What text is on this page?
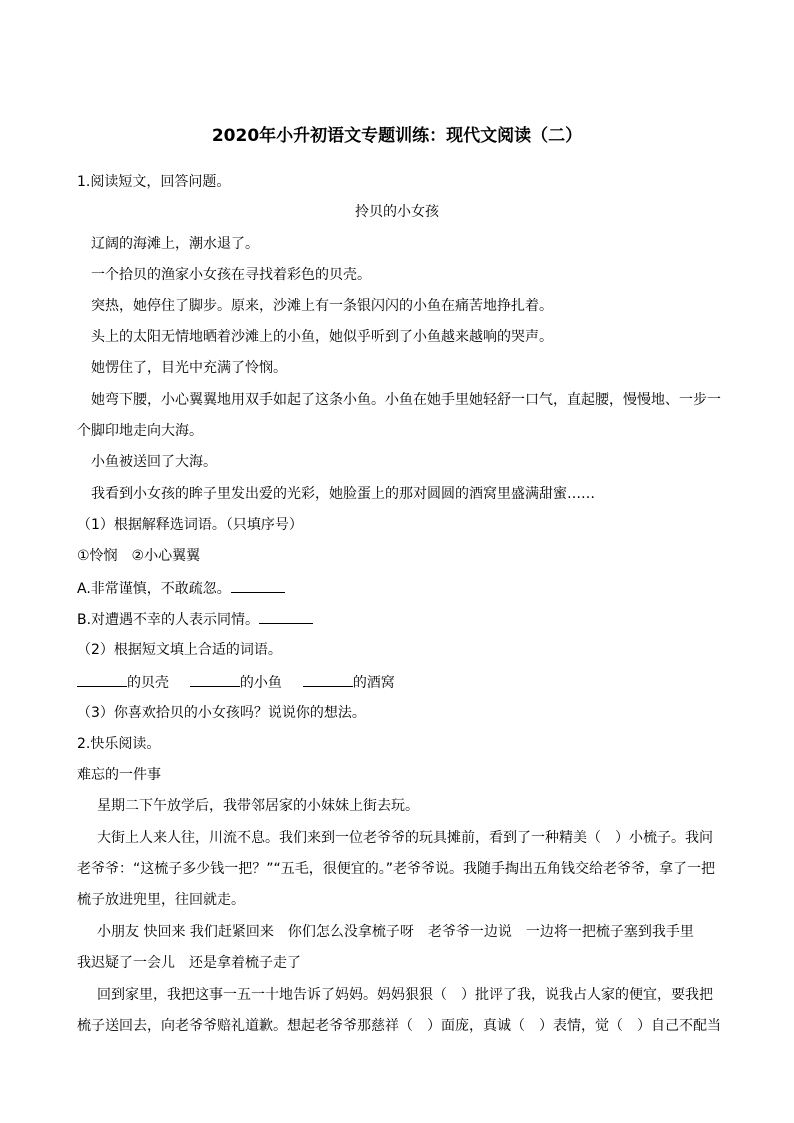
2020年小升初语文专题训练：现代文阅读（二）
1.阅读短文，回答问题。
拎贝的小女孩
辽阔的海滩上，潮水退了。
一个拾贝的渔家小女孩在寻找着彩色的贝壳。
突热，她停住了脚步。原来，沙滩上有一条银闪闪的小鱼在痛苦地挣扎着。
头上的太阳无情地晒着沙滩上的小鱼，她似乎听到了小鱼越来越响的哭声。
她愣住了，目光中充满了怜悯。
她弯下腰，小心翼翼地用双手如起了这条小鱼。小鱼在她手里她轻舒一口气，直起腰，慢慢地、一步一
个脚印地走向大海。
小鱼被送回了大海。
我看到小女孩的眸子里发出爱的光彩，她脸蛋上的那对圆圆的酒窝里盛满甜蜜……
（1）根据解释选词语。（只填序号）
①怜悯　②小心翼翼
A.非常谨慎，不敢疏忽。
B.对遭遇不幸的人表示同情。
（2）根据短文填上合适的词语。
的贝壳	的小鱼	的酒窝
（3）你喜欢拾贝的小女孩吗？说说你的想法。
2.快乐阅读。
难忘的一件事
星期二下午放学后，我带邻居家的小妹妹上街去玩。
大街上人来人往，川流不息。我们来到一位老爷爷的玩具摊前，看到了一种精美（　）小梳子。我问
老爷爷：“这梳子多少钱一把？”“五毛，很便宜的。”老爷爷说。我随手掏出五角钱交给老爷爷，拿了一把
梳子放进兜里，往回就走。
小朋友 快回来 我们赶紧回来　你们怎么没拿梳子呀　老爷爷一边说　一边将一把梳子塞到我手里
我迟疑了一会儿　还是拿着梳子走了
回到家里，我把这事一五一十地告诉了妈妈。妈妈狠狠（　）批评了我，说我占人家的便宜，要我把
梳子送回去，向老爷爷赔礼道歉。想起老爷爷那慈祥（　）面庞，真诚（　）表情，觉（　）自己不配当
